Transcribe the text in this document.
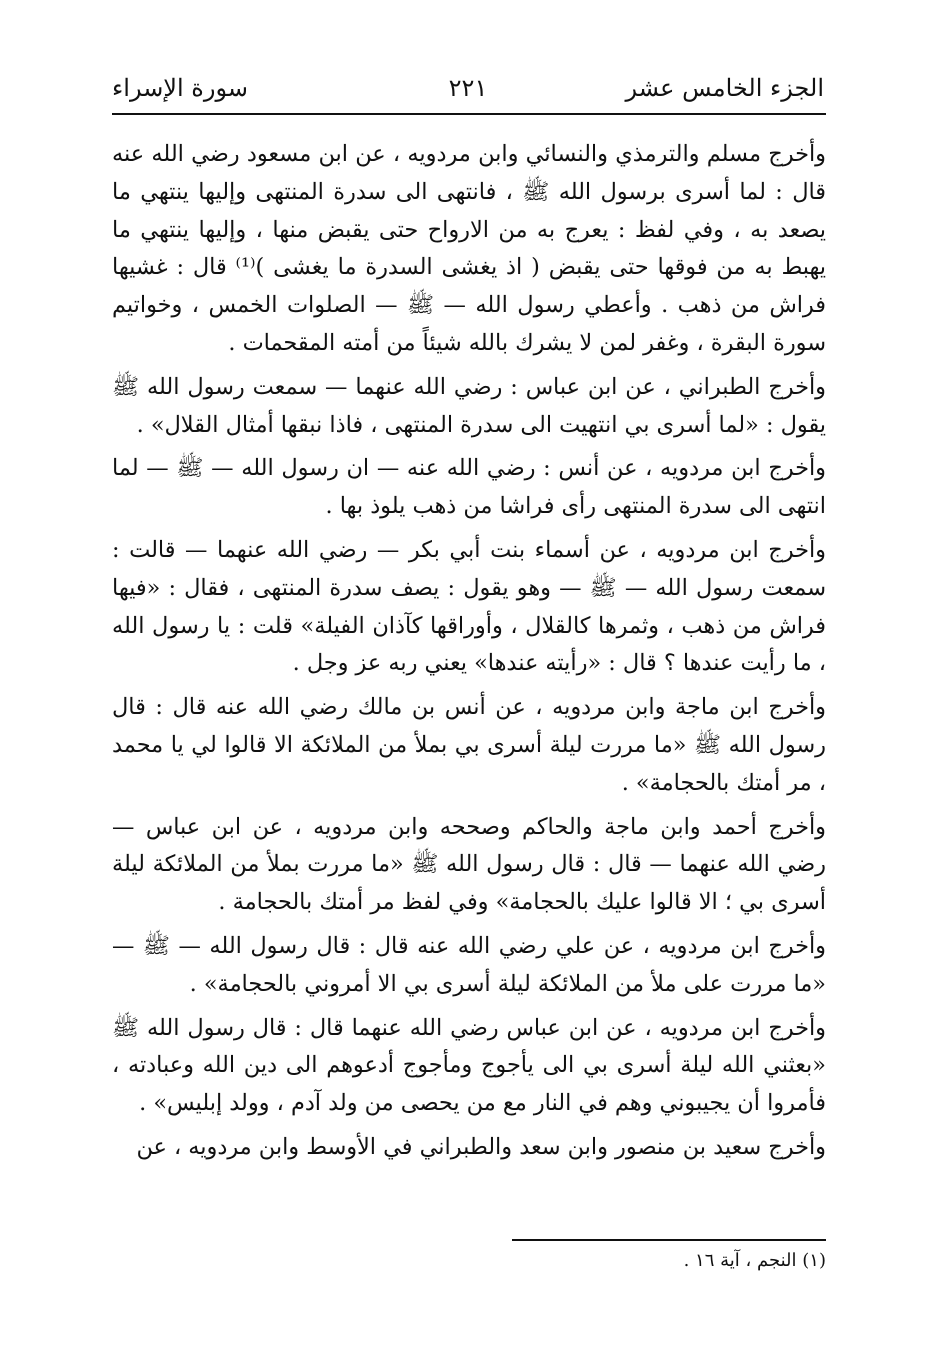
الجزء الخامس عشر
٢٢١
سورة الإسراء

وأخرج مسلم والترمذي والنسائي وابن مردويه ، عن ابن مسعود رضي الله عنه قال : لما أسرى برسول الله ﷺ ، فانتهى الى سدرة المنتهى وإليها ينتهي ما يصعد به ، وفي لفظ : يعرج به من الارواح حتى يقبض منها ، وإليها ينتهي ما يهبط به من فوقها حتى يقبض ( اذ يغشى السدرة ما يغشى )⁽¹⁾ قال : غشيها فراش من ذهب . وأعطي رسول الله — ﷺ — الصلوات الخمس ، وخواتيم سورة البقرة ، وغفر لمن لا يشرك بالله شيئاً من أمته المقحمات .

وأخرج الطبراني ، عن ابن عباس : رضي الله عنهما — سمعت رسول الله ﷺ يقول : «لما أسرى بي انتهيت الى سدرة المنتهى ، فاذا نبقها أمثال القلال» .

وأخرج ابن مردويه ، عن أنس : رضي الله عنه — ان رسول الله — ﷺ — لما انتهى الى سدرة المنتهى رأى فراشا من ذهب يلوذ بها .

وأخرج ابن مردويه ، عن أسماء بنت أبي بكر — رضي الله عنهما — قالت : سمعت رسول الله — ﷺ — وهو يقول : يصف سدرة المنتهى ، فقال : «فيها فراش من ذهب ، وثمرها كالقلال ، وأوراقها كآذان الفيلة» قلت : يا رسول الله ، ما رأيت عندها ؟ قال : «رأيته عندها» يعني ربه عز وجل .

وأخرج ابن ماجة وابن مردويه ، عن أنس بن مالك رضي الله عنه قال : قال رسول الله ﷺ «ما مررت ليلة أسرى بي بملأ من الملائكة الا قالوا لي يا محمد ، مر أمتك بالحجامة» .

وأخرج أحمد وابن ماجة والحاكم وصححه وابن مردويه ، عن ابن عباس — رضي الله عنهما — قال : قال رسول الله ﷺ «ما مررت بملأ من الملائكة ليلة أسرى بي ؛ الا قالوا عليك بالحجامة» وفي لفظ مر أمتك بالحجامة .

وأخرج ابن مردويه ، عن علي رضي الله عنه قال : قال رسول الله — ﷺ — «ما مررت على ملأ من الملائكة ليلة أسرى بي الا أمروني بالحجامة» .

وأخرج ابن مردويه ، عن ابن عباس رضي الله عنهما قال : قال رسول الله ﷺ «بعثني الله ليلة أسرى بي الى يأجوج ومأجوج أدعوهم الى دين الله وعبادته ، فأمروا أن يجيبوني وهم في النار مع من يحصى من ولد آدم ، وولد إبليس» .

وأخرج سعيد بن منصور وابن سعد والطبراني في الأوسط وابن مردويه ، عن

(١) النجم ، آية ١٦ .
